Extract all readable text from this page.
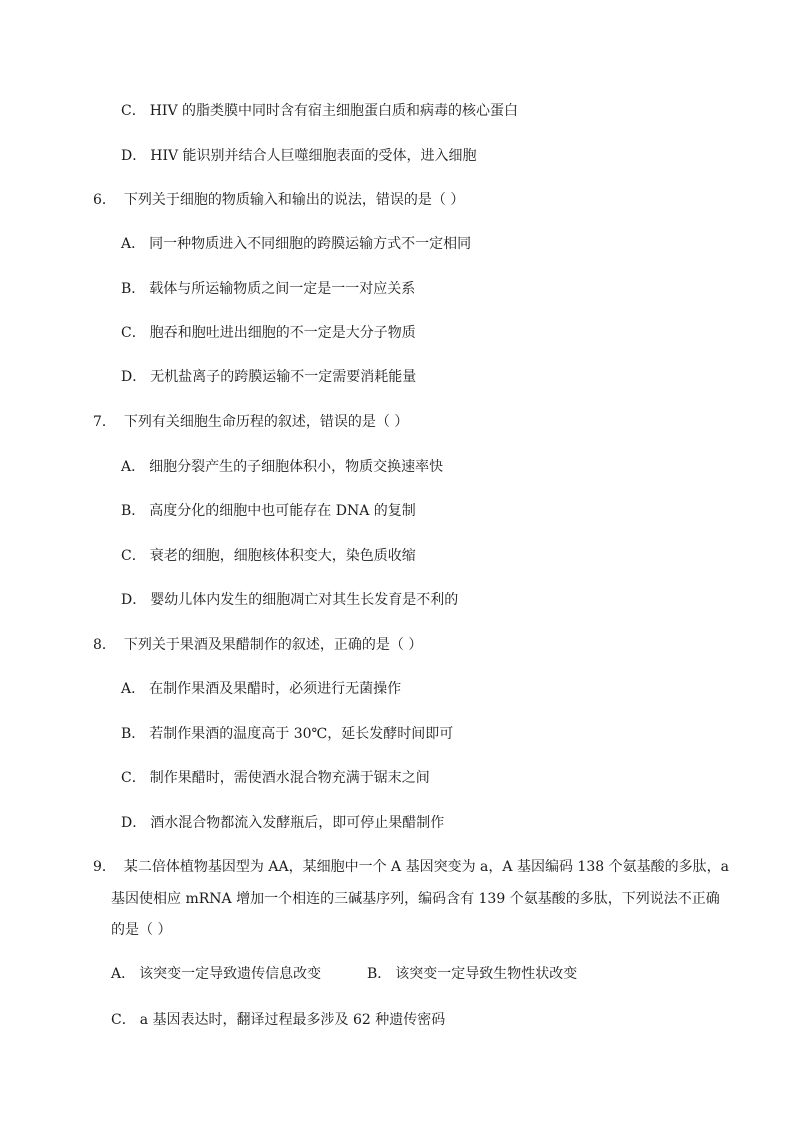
C． HIV 的脂类膜中同时含有宿主细胞蛋白质和病毒的核心蛋白
D． HIV 能识别并结合人巨噬细胞表面的受体，进入细胞
6． 下列关于细胞的物质输入和输出的说法，错误的是（ ）
A． 同一种物质进入不同细胞的跨膜运输方式不一定相同
B． 载体与所运输物质之间一定是一一对应关系
C． 胞吞和胞吐进出细胞的不一定是大分子物质
D． 无机盐离子的跨膜运输不一定需要消耗能量
7． 下列有关细胞生命历程的叙述，错误的是（ ）
A． 细胞分裂产生的子细胞体积小，物质交换速率快
B． 高度分化的细胞中也可能存在 DNA 的复制
C． 衰老的细胞，细胞核体积变大，染色质收缩
D． 婴幼儿体内发生的细胞凋亡对其生长发育是不利的
8． 下列关于果酒及果醋制作的叙述，正确的是（ ）
A． 在制作果酒及果醋时，必须进行无菌操作
B． 若制作果酒的温度高于 30℃，延长发酵时间即可
C． 制作果醋时，需使酒水混合物充满于锯末之间
D． 酒水混合物都流入发酵瓶后，即可停止果醋制作
9． 某二倍体植物基因型为 AA，某细胞中一个 A 基因突变为 a，A 基因编码 138 个氨基酸的多肽，a
基因使相应 mRNA 增加一个相连的三碱基序列，编码含有 139 个氨基酸的多肽，下列说法不正确
的是（ ）
A． 该突变一定导致遗传信息改变	B． 该突变一定导致生物性状改变
C． a 基因表达时，翻译过程最多涉及 62 种遗传密码
